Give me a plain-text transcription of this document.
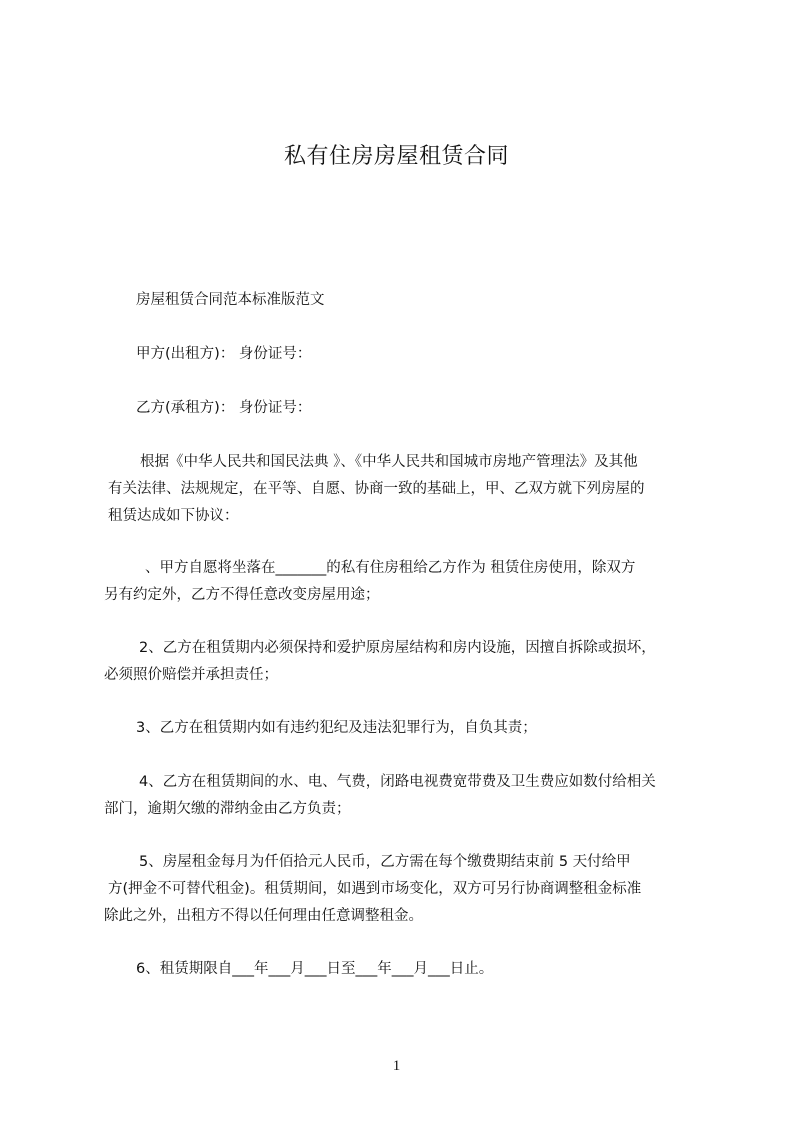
私有住房房屋租赁合同
房屋租赁合同范本标准版范文
甲方(出租方)： 身份证号：
乙方(承租方)： 身份证号：
根据《中华人民共和国民法典 》、《中华人民共和国城市房地产管理法》及其他
有关法律、法规规定，在平等、自愿、协商一致的基础上，甲、乙双方就下列房屋的
租赁达成如下协议：
、甲方自愿将坐落在_______的私有住房租给乙方作为 租赁住房使用，除双方
另有约定外，乙方不得任意改变房屋用途；
2、乙方在租赁期内必须保持和爱护原房屋结构和房内设施，因擅自拆除或损坏，
必须照价赔偿并承担责任；
3、乙方在租赁期内如有违约犯纪及违法犯罪行为，自负其责；
4、乙方在租赁期间的水、电、气费，闭路电视费宽带费及卫生费应如数付给相关
部门，逾期欠缴的滞纳金由乙方负责；
5、房屋租金每月为仟佰拾元人民币，乙方需在每个缴费期结束前 5 天付给甲
方(押金不可替代租金)。租赁期间，如遇到市场变化，双方可另行协商调整租金标准
除此之外，出租方不得以任何理由任意调整租金。
6、租赁期限自___年___月___日至___年___月___日止。
1
